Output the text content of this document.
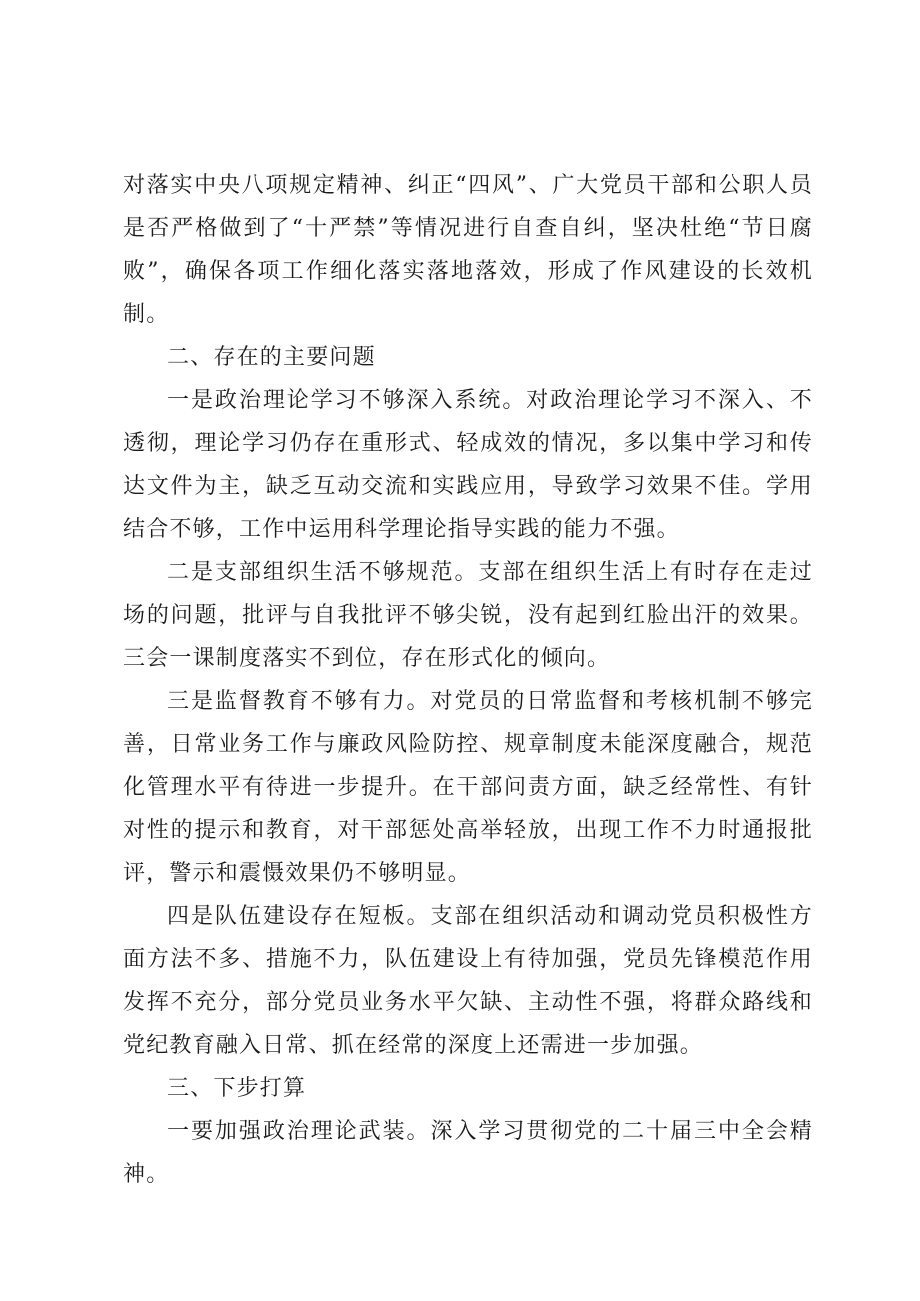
对落实中央八项规定精神、纠正“四风”、广大党员干部和公职人员是否严格做到了“十严禁”等情况进行自查自纠，坚决杜绝“节日腐败”，确保各项工作细化落实落地落效，形成了作风建设的长效机制。

二、存在的主要问题

一是政治理论学习不够深入系统。对政治理论学习不深入、不透彻，理论学习仍存在重形式、轻成效的情况，多以集中学习和传达文件为主，缺乏互动交流和实践应用，导致学习效果不佳。学用结合不够，工作中运用科学理论指导实践的能力不强。

二是支部组织生活不够规范。支部在组织生活上有时存在走过场的问题，批评与自我批评不够尖锐，没有起到红脸出汗的效果。三会一课制度落实不到位，存在形式化的倾向。

三是监督教育不够有力。对党员的日常监督和考核机制不够完善，日常业务工作与廉政风险防控、规章制度未能深度融合，规范化管理水平有待进一步提升。在干部问责方面，缺乏经常性、有针对性的提示和教育，对干部惩处高举轻放，出现工作不力时通报批评，警示和震慑效果仍不够明显。

四是队伍建设存在短板。支部在组织活动和调动党员积极性方面方法不多、措施不力，队伍建设上有待加强，党员先锋模范作用发挥不充分，部分党员业务水平欠缺、主动性不强，将群众路线和党纪教育融入日常、抓在经常的深度上还需进一步加强。

三、下步打算

一要加强政治理论武装。深入学习贯彻党的二十届三中全会精神。
